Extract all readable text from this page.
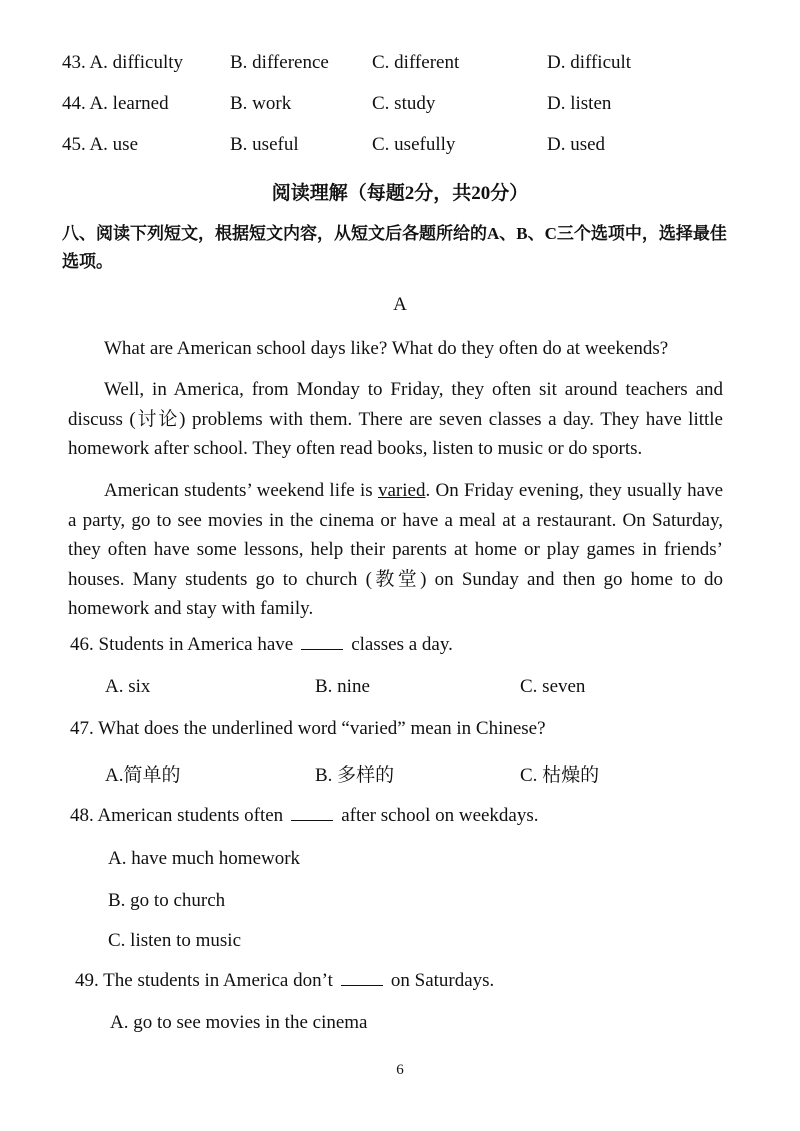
43. A. difficulty B. difference C. different	D. difficult
44. A. learned	B. work	C. study	D. listen
45. A. use	B. useful	C. usefully	D. used
阅读理解（每题2分，共20分）
八、阅读下列短文，根据短文内容，从短文后各题所给的A、B、C三个选项中，选择最佳选项。
A
What are American school days like? What do they often do at weekends?
Well, in America, from Monday to Friday, they often sit around teachers and discuss (讨论) problems with them. There are seven classes a day. They have little homework after school. They often read books, listen to music or do sports.
American students’ weekend life is varied. On Friday evening, they usually have a party, go to see movies in the cinema or have a meal at a restaurant. On Saturday, they often have some lessons, help their parents at home or play games in friends’ houses. Many students go to church (教堂) on Sunday and then go home to do homework and stay with family.
46. Students in America have	classes a day.
A. six	B. nine	C. seven
47. What does the underlined word “varied” mean in Chinese?
A.简单的	B. 多样的	C. 枯燥的
48. American students often	after school on weekdays.
A. have much homework
B. go to church
C. listen to music
49. The students in America don’t	on Saturdays.
A. go to see movies in the cinema
6
